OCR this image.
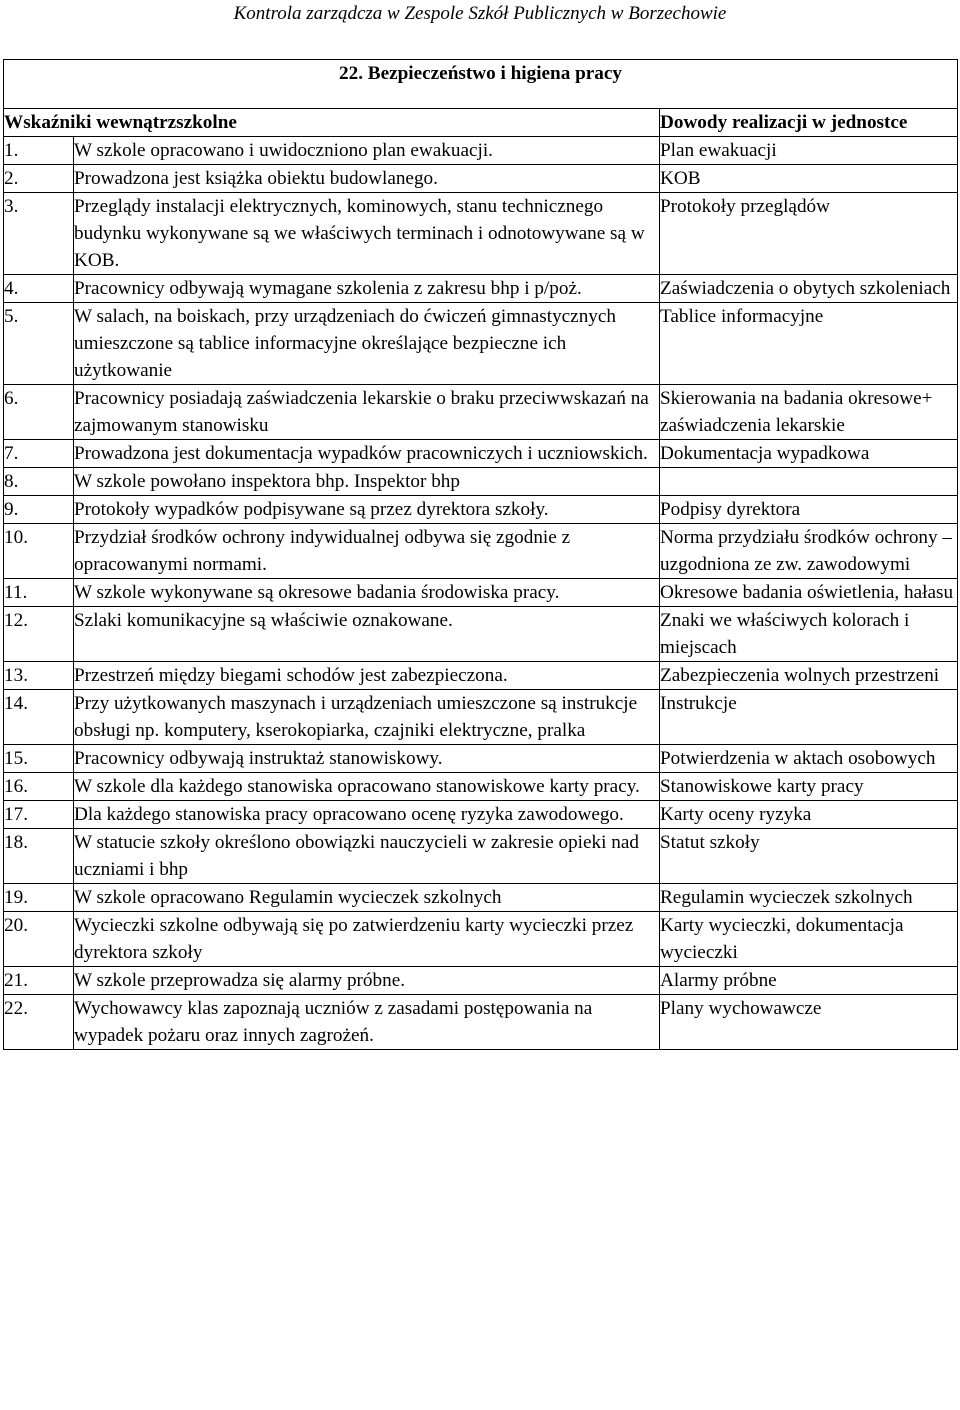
Kontrola zarządcza w Zespole Szkół Publicznych w Borzechowie
22. Bezpieczeństwo i higiena pracy		
Wskaźniki wewnątrzszkolne		Dowody realizacji w jednostce
1.	W szkole opracowano i uwidoczniono plan ewakuacji.	Plan ewakuacji
2.	Prowadzona jest książka obiektu budowlanego.	KOB
3.	Przeglądy instalacji elektrycznych, kominowych, stanu technicznego budynku wykonywane są we właściwych terminach i odnotowywane są w KOB.	Protokoły przeglądów
4.	Pracownicy odbywają wymagane szkolenia z zakresu bhp i p/poż.	Zaświadczenia o obytych szkoleniach
5.	W salach, na boiskach, przy urządzeniach do ćwiczeń gimnastycznych umieszczone są tablice informacyjne określające bezpieczne ich użytkowanie	Tablice informacyjne
6.	Pracownicy posiadają zaświadczenia lekarskie o braku przeciwwskazań na zajmowanym stanowisku	Skierowania na badania okresowe+ zaświadczenia lekarskie
7.	Prowadzona jest dokumentacja wypadków pracowniczych i uczniowskich.	Dokumentacja wypadkowa
8.	W szkole powołano inspektora bhp. Inspektor bhp	
9.	Protokoły wypadków podpisywane są przez dyrektora szkoły.	Podpisy dyrektora
10.	Przydział środków ochrony indywidualnej odbywa się zgodnie z opracowanymi normami.	Norma przydziału środków ochrony – uzgodniona ze zw. zawodowymi
11.	W szkole wykonywane są okresowe badania środowiska pracy.	Okresowe badania oświetlenia, hałasu
12.	Szlaki komunikacyjne są właściwie oznakowane.	Znaki we właściwych kolorach i miejscach
13.	Przestrzeń między biegami schodów jest zabezpieczona.	Zabezpieczenia wolnych przestrzeni
14.	Przy użytkowanych maszynach i urządzeniach umieszczone są instrukcje obsługi np. komputery, kserokopiarka, czajniki elektryczne, pralka	Instrukcje
15.	Pracownicy odbywają instruktaż stanowiskowy.	Potwierdzenia w aktach osobowych
16.	W szkole dla każdego stanowiska opracowano stanowiskowe karty pracy.	Stanowiskowe karty pracy
17.	Dla każdego stanowiska pracy opracowano ocenę ryzyka zawodowego.	Karty oceny ryzyka
18.	W statucie szkoły określono obowiązki nauczycieli w zakresie opieki nad uczniami i bhp	Statut szkoły
19.	W szkole opracowano Regulamin wycieczek szkolnych	Regulamin wycieczek szkolnych
20.	Wycieczki szkolne odbywają się po zatwierdzeniu karty wycieczki przez dyrektora szkoły	Karty wycieczki, dokumentacja wycieczki
21.	W szkole przeprowadza się alarmy próbne.	Alarmy próbne
22.	Wychowawcy klas zapoznają uczniów z zasadami postępowania na wypadek pożaru oraz innych zagrożeń.	Plany wychowawcze
